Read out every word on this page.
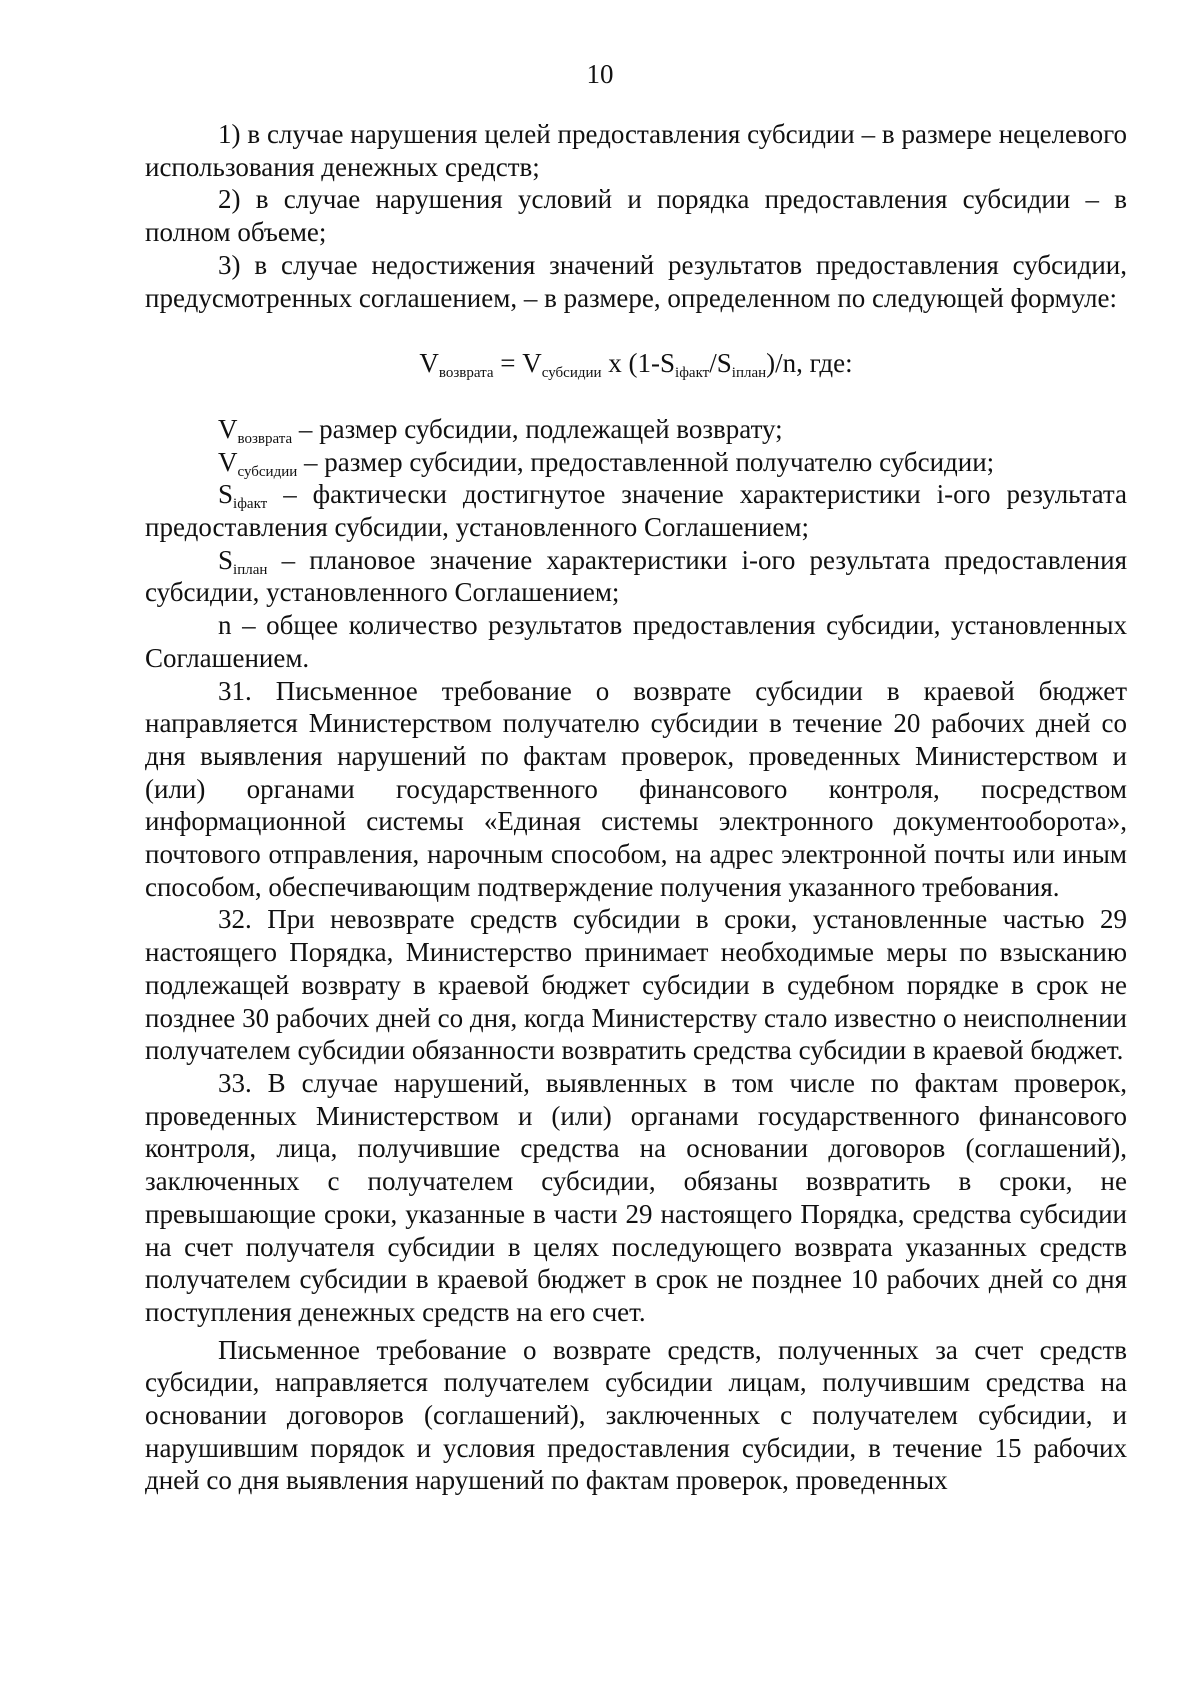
10

1) в случае нарушения целей предоставления субсидии – в размере нецелевого использования денежных средств;

2) в случае нарушения условий и порядка предоставления субсидии – в полном объеме;

3) в случае недостижения значений результатов предоставления субсидии, предусмотренных соглашением, – в размере, определенном по следующей формуле:

$V_{возврата} = V_{субсидии}$ x $(1-S_{iфакт}/S_{iплан})/n$, где:

$V_{возврата}$ – размер субсидии, подлежащей возврату;

$V_{субсидии}$ – размер субсидии, предоставленной получателю субсидии;

$S_{iфакт}$ – фактически достигнутое значение характеристики i-ого результата предоставления субсидии, установленного Соглашением;

$S_{iплан}$ – плановое значение характеристики i-ого результата предоставления субсидии, установленного Соглашением;

n – общее количество результатов предоставления субсидии, установленных Соглашением.

31. Письменное требование о возврате субсидии в краевой бюджет направляется Министерством получателю субсидии в течение 20 рабочих дней со дня выявления нарушений по фактам проверок, проведенных Министерством и (или) органами государственного финансового контроля, посредством информационной системы «Единая системы электронного документооборота», почтового отправления, нарочным способом, на адрес электронной почты или иным способом, обеспечивающим подтверждение получения указанного требования.

32. При невозврате средств субсидии в сроки, установленные частью 29 настоящего Порядка, Министерство принимает необходимые меры по взысканию подлежащей возврату в краевой бюджет субсидии в судебном порядке в срок не позднее 30 рабочих дней со дня, когда Министерству стало известно о неисполнении получателем субсидии обязанности возвратить средства субсидии в краевой бюджет.

33. В случае нарушений, выявленных в том числе по фактам проверок, проведенных Министерством и (или) органами государственного финансового контроля, лица, получившие средства на основании договоров (соглашений), заключенных с получателем субсидии, обязаны возвратить в сроки, не превышающие сроки, указанные в части 29 настоящего Порядка, средства субсидии на счет получателя субсидии в целях последующего возврата указанных средств получателем субсидии в краевой бюджет в срок не позднее 10 рабочих дней со дня поступления денежных средств на его счет.

Письменное требование о возврате средств, полученных за счет средств субсидии, направляется получателем субсидии лицам, получившим средства на основании договоров (соглашений), заключенных с получателем субсидии, и нарушившим порядок и условия предоставления субсидии, в течение 15 рабочих дней со дня выявления нарушений по фактам проверок, проведенных
